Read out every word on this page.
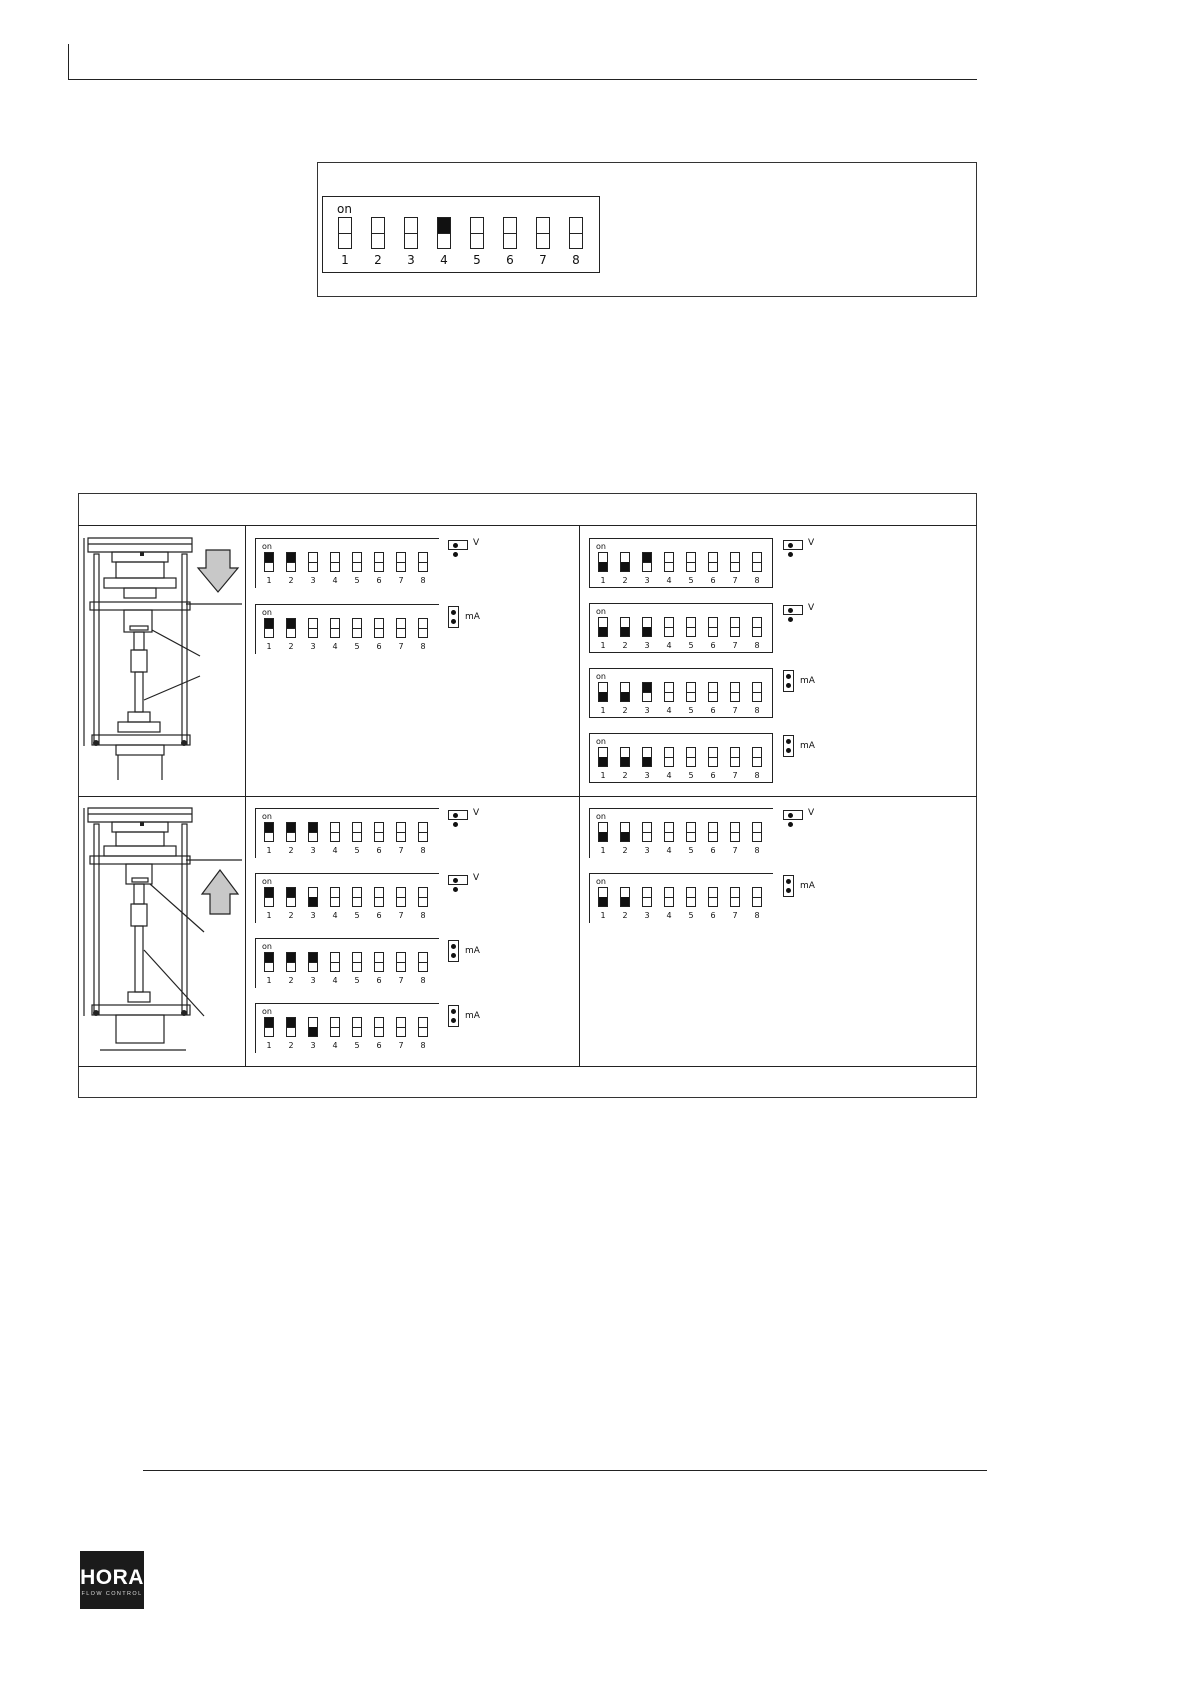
on
1	2	3	4	5	6	7	8
on
1	2	3	4	5	6	7	8
V
on
1	2	3	4	5	6	7	8
mA
on
1	2	3	4	5	6	7	8
V
on
1	2	3	4	5	6	7	8
V
on
1	2	3	4	5	6	7	8
mA
on
1	2	3	4	5	6	7	8
mA
on
1	2	3	4	5	6	7	8
V
on
1	2	3	4	5	6	7	8
V
on
1	2	3	4	5	6	7	8
mA
on
1	2	3	4	5	6	7	8
mA
on
1	2	3	4	5	6	7	8
V
on
1	2	3	4	5	6	7	8
mA
HORA
FLOW CONTROL
